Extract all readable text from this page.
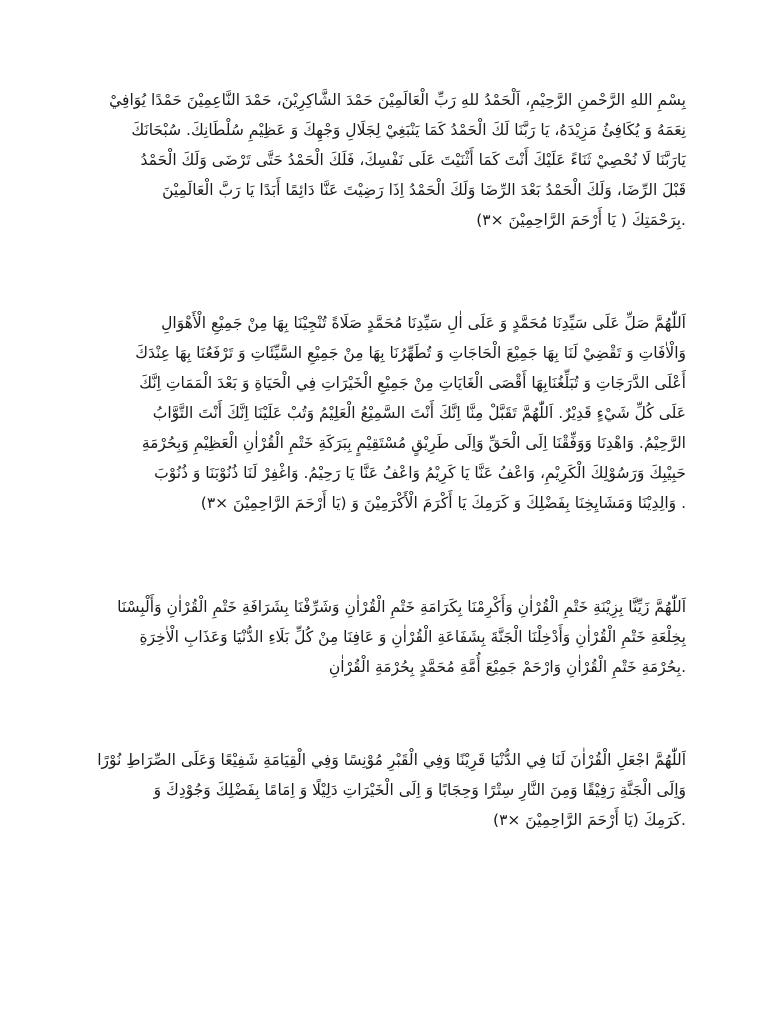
بِسْمِ اللهِ الرَّحْمنِ الرَّحِيْمِ، اَلْحَمْدُ للهِ رَبِّ الْعَالَمِيْنَ حَمْدَ الشَّاكِرِيْنَ، حَمْدَ النَّاعِمِيْنَ حَمْدًا يُوَافِيْ
نِعَمَهُ وَ يُكَافِئُ مَزِيْدَهُ، يَا رَبَّنَا لَكَ الْحَمْدُ كَمَا يَنْبَغِيْ لِجَلَالِ وَجْهِكَ وَ عَظِيْمِ سُلْطَانِكَ. سُبْحَانَكَ
يَارَبَّنَا لَا نُحْصِيْ ثَنَاءً عَلَيْكَ أَنْتَ كَمَا أَثْنَيْتَ عَلَى نَفْسِكَ، فَلَكَ الْحَمْدُ حَتَّى تَرْضَى وَلَكَ الْحَمْدُ
قَبْلَ الرِّضَا، وَلَكَ الْحَمْدُ بَعْدَ الرِّضَا وَلَكَ الْحَمْدُ اِذَا رَضِيْتَ عَنَّا دَائِمًا أَبَدًا يَا رَبَّ الْعَالَمِيْنَ
.بِرَحْمَتِكَ ( يَا أَرْحَمَ الرَّاحِمِيْنَ ×٣)
اَللّٰهُمَّ صَلِّ عَلَى سَيِّدِنَا مُحَمَّدٍ وَ عَلَى اٰلِ سَيِّدِنَا مُحَمَّدٍ صَلَاةً تُنْجِيْنَا بِهَا مِنْ جَمِيْعِ الْأَهْوَالِ
وَالْاٰفَاتِ وَ تَقْضِيْ لَنَا بِهَا جَمِيْعَ الْحَاجَاتِ وَ تُطَهِّرُنَا بِهَا مِنْ جَمِيْعِ السَّيِّئَاتِ وَ تَرْفَعُنَا بِهَا عِنْدَكَ
أَعْلَى الدَّرَجَاتِ وَ تُبَلِّغُنَابِهَا أَقْصَى الْغَايَاتِ مِنْ جَمِيْعِ الْخَيْرَاتِ فِي الْحَيَاةِ وَ بَعْدَ الْمَمَاتِ اِنَّكَ
عَلَى كُلِّ شَيْءٍ قَدِيْرٌ. اَللّٰهُمَّ تَقَبَّلْ مِنَّا اِنَّكَ أَنْتَ السَّمِيْعُ الْعَلِيْمُ وَتُبْ عَلَيْنَا اِنَّكَ أَنْتَ التَّوَّابُ
الرَّحِيْمُ. وَاهْدِنَا وَوَفِّقْنَا اِلَى الْحَقِّ وَاِلَى طَرِيْقٍ مُسْتَقِيْمٍ بِبَرَكَةِ خَتْمِ الْقُرْاٰنِ الْعَظِيْمِ وَبِحُرْمَةِ
حَبِيْبِكَ وَرَسُوْلِكَ الْكَرِيْمِ، وَاعْفُ عَنَّا يَا كَرِيْمُ وَاعْفُ عَنَّا يَا رَحِيْمُ. وَاغْفِرْ لَنَا ذُنُوْبَنَا وَ ذُنُوْبَ
. وَالِدِيْنَا وَمَشَايِخِنَا بِفَضْلِكَ وَ كَرَمِكَ يَا أَكْرَمَ الْأَكْرَمِيْنَ وَ (يَا أَرْحَمَ الرَّاحِمِيْنَ ×٣)
اَللّٰهُمَّ زَيِّنَّا بِزِيْنَةِ خَتْمِ الْقُرْاٰنِ وَأَكْرِمْنَا بِكَرَامَةِ خَتْمِ الْقُرْاٰنِ وَشَرِّفْنَا بِشَرَافَةِ خَتْمِ الْقُرْاٰنِ وَأَلْبِسْنَا
بِخِلْعَةِ خَتْمِ الْقُرْاٰنِ وَأَدْخِلْنَا الْجَنَّةَ بِشَفَاعَةِ الْقُرْاٰنِ وَ عَافِنَا مِنْ كُلِّ بَلَاءِ الدُّنْيَا وَعَذَابِ الْاٰخِرَةِ
.بِحُرْمَةِ خَتْمِ الْقُرْاٰنِ وَارْحَمْ جَمِيْعَ أُمَّةِ مُحَمَّدٍ بِحُرْمَةِ الْقُرْاٰنِ
اَللّٰهُمَّ اجْعَلِ الْقُرْاٰنَ لَنَا فِي الدُّنْيَا قَرِيْنًا وَفِي الْقَبْرِ مُوْنِسًا وَفِي الْقِيَامَةِ شَفِيْعًا وَعَلَى الصِّرَاطِ نُوْرًا
وَاِلَى الْجَنَّةِ رَفِيْقًا وَمِنَ النَّارِ سِتْرًا وَحِجَابًا وَ اِلَى الْخَيْرَاتِ دَلِيْلًا وَ اِمَامًا بِفَضْلِكَ وَجُوْدِكَ وَ
.كَرَمِكَ (يَا أَرْحَمَ الرَّاحِمِيْنَ ×٣)
